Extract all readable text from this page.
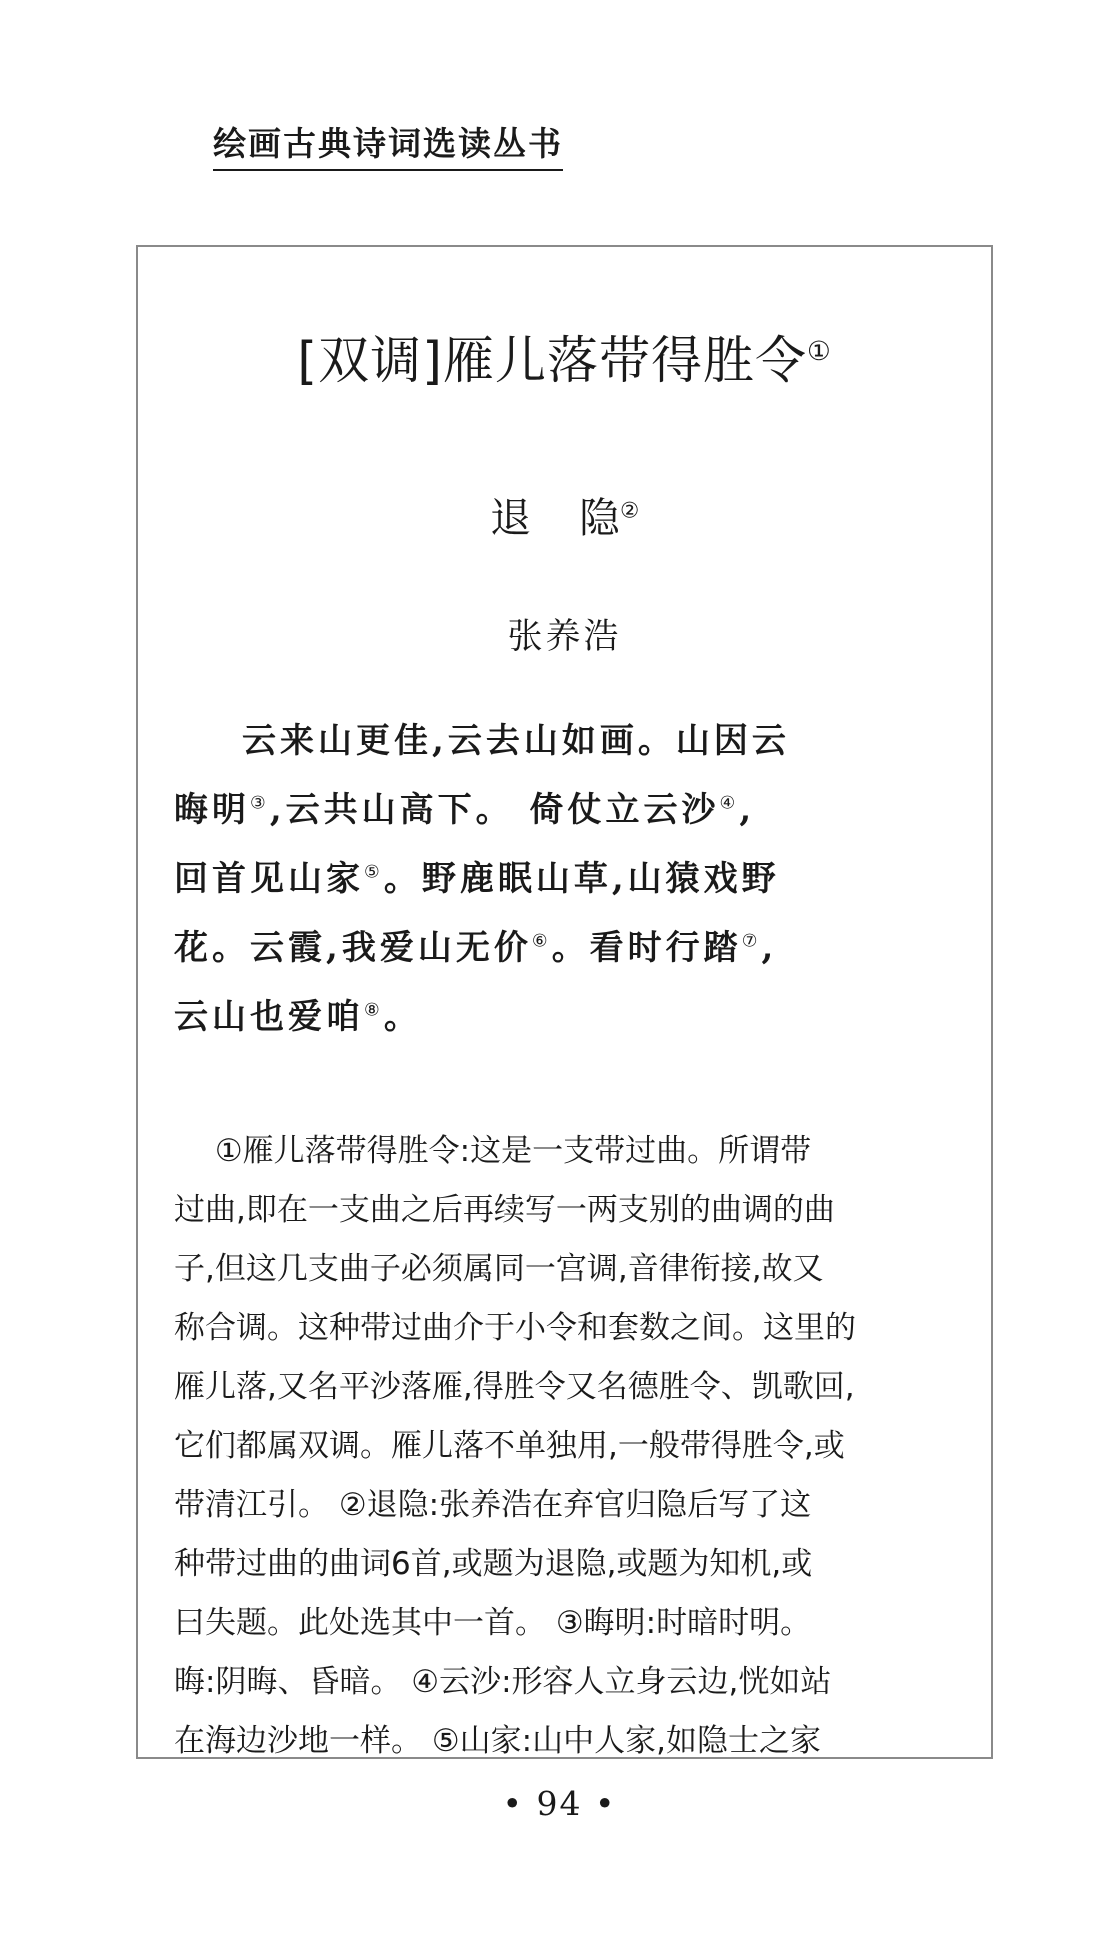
绘画古典诗词选读丛书
[双调]雁儿落带得胜令①
退 隐②
张养浩
云来山更佳,云去山如画。山因云
晦明③,云共山高下。 倚仗立云沙④,
回首见山家⑤。野鹿眠山草,山猿戏野
花。云霞,我爱山无价⑥。看时行踏⑦,
云山也爱咱⑧。
　 ①雁儿落带得胜令:这是一支带过曲。所谓带
过曲,即在一支曲之后再续写一两支别的曲调的曲
子,但这几支曲子必须属同一宫调,音律衔接,故又
称合调。这种带过曲介于小令和套数之间。这里的
雁儿落,又名平沙落雁,得胜令又名德胜令、凯歌回,
它们都属双调。雁儿落不单独用,一般带得胜令,或
带清江引。 ②退隐:张养浩在弃官归隐后写了这
种带过曲的曲词6首,或题为退隐,或题为知机,或
曰失题。此处选其中一首。 ③晦明:时暗时明。
晦:阴晦、昏暗。 ④云沙:形容人立身云边,恍如站
在海边沙地一样。 ⑤山家:山中人家,如隐士之家
• 94 •
